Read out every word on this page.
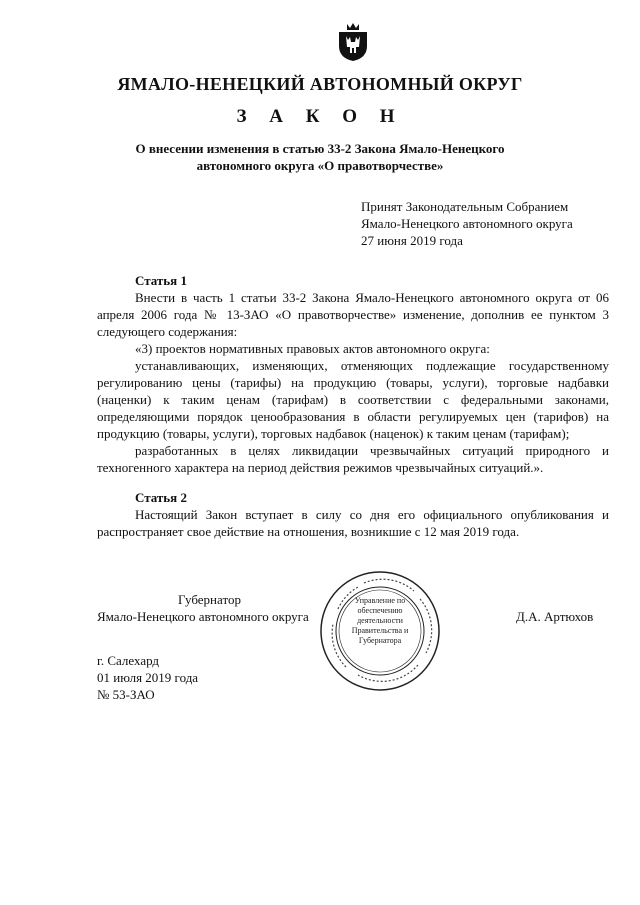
ЯМАЛО-НЕНЕЦКИЙ АВТОНОМНЫЙ ОКРУГ
З А К О Н
О внесении изменения в статью 33-2 Закона Ямало-Ненецкого
автономного округа «О правотворчестве»
Принят Законодательным Собранием
Ямало-Ненецкого автономного округа
27 июня 2019 года
Статья 1

Внести в часть 1 статьи 33-2 Закона Ямало-Ненецкого автономного округа от 06 апреля 2006 года № 13-ЗАО «О правотворчестве» изменение, дополнив ее пунктом 3 следующего содержания:

«3) проектов нормативных правовых актов автономного округа:

устанавливающих, изменяющих, отменяющих подлежащие государственному регулированию цены (тарифы) на продукцию (товары, услуги), торговые надбавки (наценки) к таким ценам (тарифам) в соответствии с федеральными законами, определяющими порядок ценообразования в области регулируемых цен (тарифов) на продукцию (товары, услуги), торговых надбавок (наценок) к таким ценам (тарифам);

разработанных в целях ликвидации чрезвычайных ситуаций природного и техногенного характера на период действия режимов чрезвычайных ситуаций.».

Статья 2

Настоящий Закон вступает в силу со дня его официального опубликования и распространяет свое действие на отношения, возникшие с 12 мая 2019 года.

Управление по обеспечению деятельности Правительства и Губернатора
Губернатор
Ямало-Ненецкого автономного округа	Д.А. Артюхов
г. Салехард
01 июля 2019 года
№ 53-ЗАО
